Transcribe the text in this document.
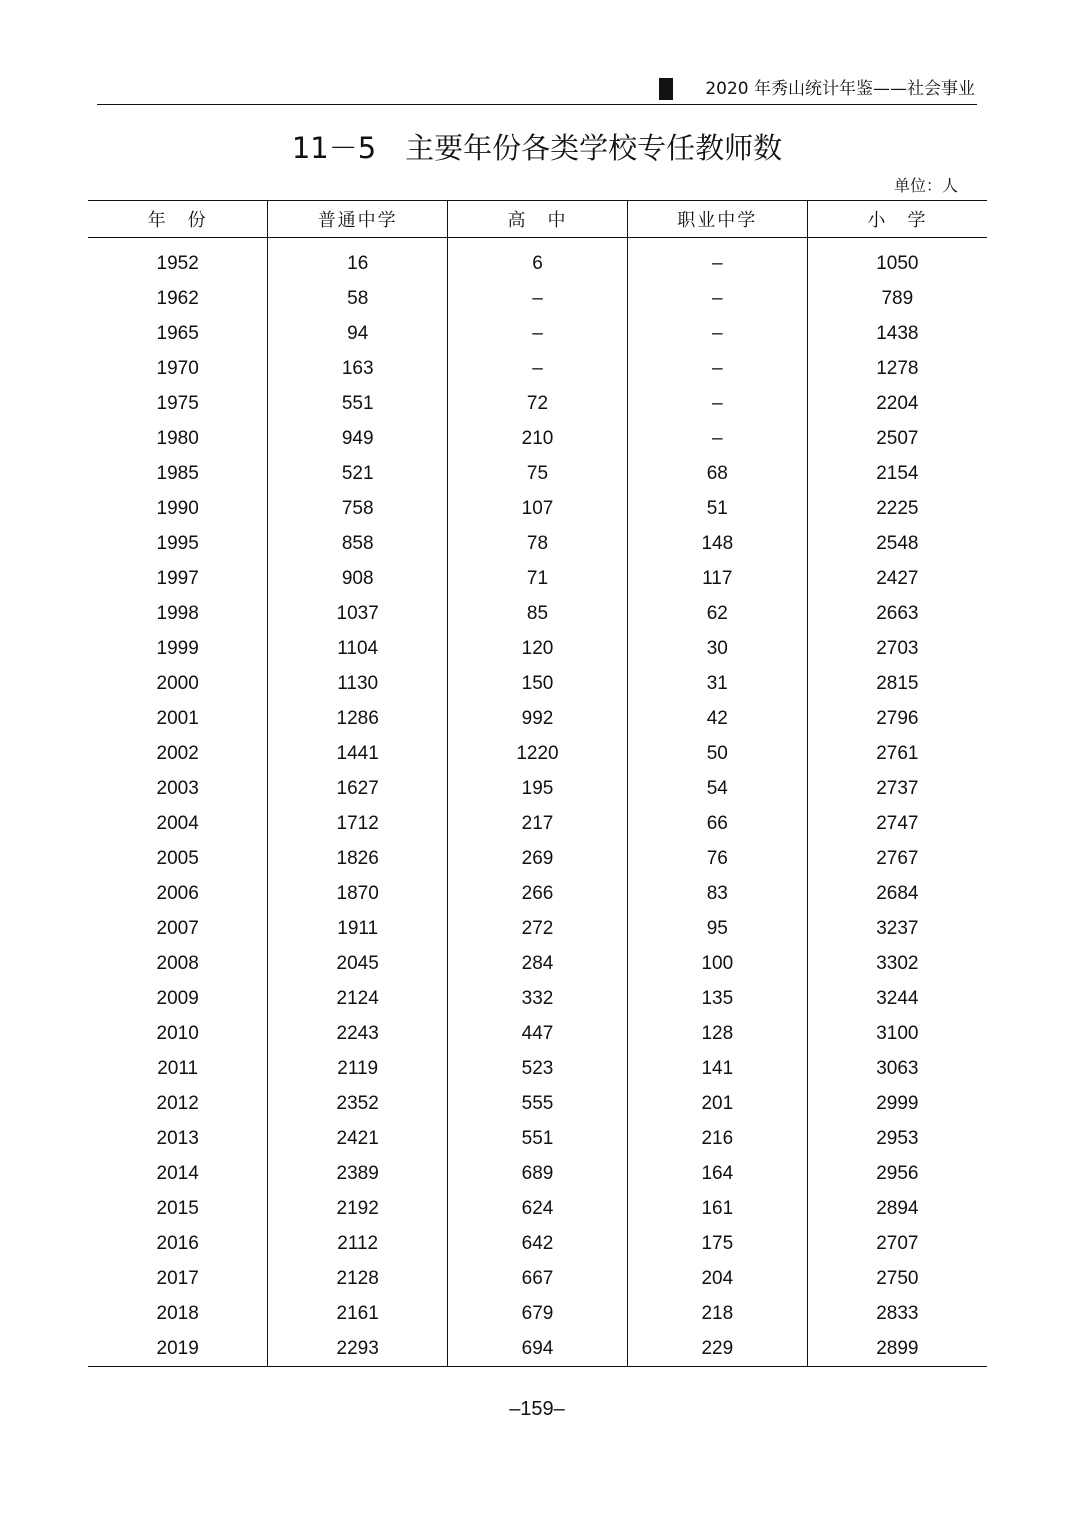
2020 年秀山统计年鉴——社会事业
11－5　主要年份各类学校专任教师数
单位：人
年　份	普通中学	高　中	职业中学	小　学
1952	16	6	–	1050
1962	58	–	–	789
1965	94	–	–	1438
1970	163	–	–	1278
1975	551	72	–	2204
1980	949	210	–	2507
1985	521	75	68	2154
1990	758	107	51	2225
1995	858	78	148	2548
1997	908	71	117	2427
1998	1037	85	62	2663
1999	1104	120	30	2703
2000	1130	150	31	2815
2001	1286	992	42	2796
2002	1441	1220	50	2761
2003	1627	195	54	2737
2004	1712	217	66	2747
2005	1826	269	76	2767
2006	1870	266	83	2684
2007	1911	272	95	3237
2008	2045	284	100	3302
2009	2124	332	135	3244
2010	2243	447	128	3100
2011	2119	523	141	3063
2012	2352	555	201	2999
2013	2421	551	216	2953
2014	2389	689	164	2956
2015	2192	624	161	2894
2016	2112	642	175	2707
2017	2128	667	204	2750
2018	2161	679	218	2833
2019	2293	694	229	2899
–159–
